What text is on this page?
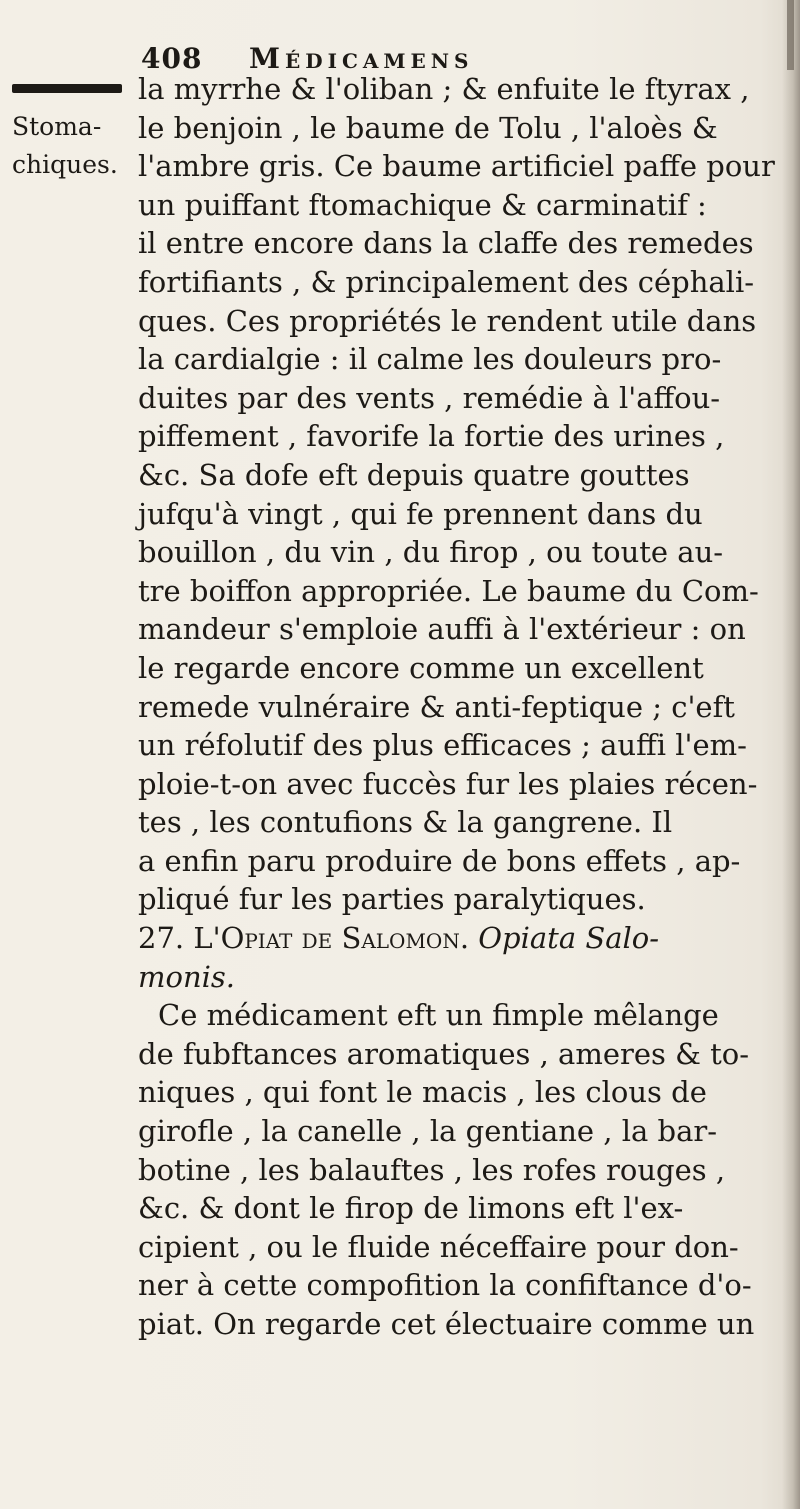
408 Médicamens
Stoma-
chiques.
la myrrhe & l'oliban ; & enfuite le ftyrax ,
le benjoin , le baume de Tolu , l'aloès &
l'ambre gris. Ce baume artificiel paffe pour
un puiffant ftomachique & carminatif :
il entre encore dans la claffe des remedes
fortifiants , & principalement des céphali-
ques. Ces propriétés le rendent utile dans
la cardialgie : il calme les douleurs pro-
duites par des vents , remédie à l'affou-
piffement , favorife la fortie des urines ,
&c. Sa dofe eft depuis quatre gouttes
jufqu'à vingt , qui fe prennent dans du
bouillon , du vin , du firop , ou toute au-
tre boiffon appropriée. Le baume du Com-
mandeur s'emploie auffi à l'extérieur : on
le regarde encore comme un excellent
remede vulnéraire & anti-feptique ; c'eft
un réfolutif des plus efficaces ; auffi l'em-
ploie-t-on avec fuccès fur les plaies récen-
tes , les contufions & la gangrene. Il
a enfin paru produire de bons effets , ap-
pliqué fur les parties paralytiques.
27. L'Opiat de Salomon. Opiata Salo-
monis.
Ce médicament eft un fimple mêlange
de fubftances aromatiques , ameres & to-
niques , qui font le macis , les clous de
girofle , la canelle , la gentiane , la bar-
botine , les balauftes , les rofes rouges ,
&c. & dont le firop de limons eft l'ex-
cipient , ou le fluide néceffaire pour don-
ner à cette compofition la confiftance d'o-
piat. On regarde cet électuaire comme un
